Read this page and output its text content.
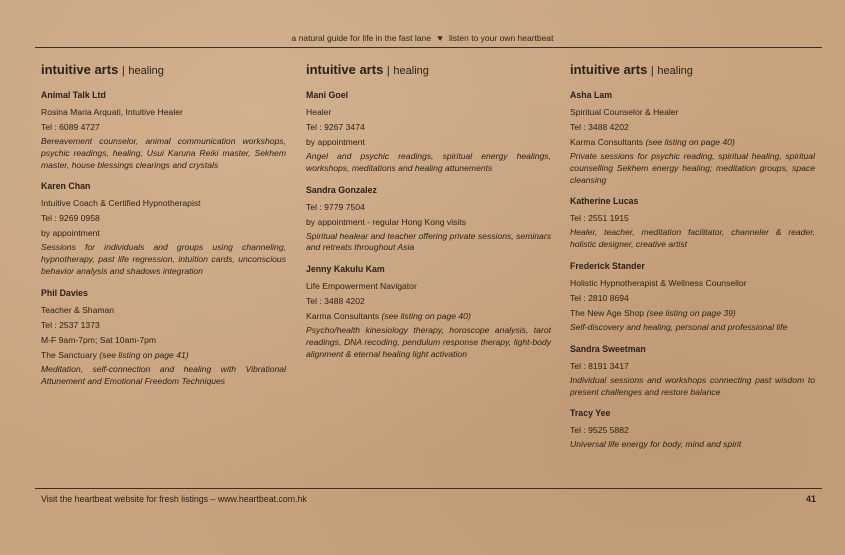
a natural guide for life in the fast lane ♥ listen to your own heartbeat
intuitive arts | healing
Animal Talk Ltd
Rosina Maria Arquati, Intuitive Healer
Tel : 6089 4727
Bereavement counselor, animal communication workshops, psychic readings, healing, Usui Karuna Reiki master, Sekhem master, house blessings clearings and crystals
Karen Chan
Intuitive Coach & Certified Hypnotherapist
Tel : 9269 0958
by appointment
Sessions for individuals and groups using channeling, hypnotherapy, past life regression, intuition cards, unconscious behavior analysis and shadows integration
Phil Davies
Teacher & Shaman
Tel : 2537 1373
M-F 9am-7pm; Sat 10am-7pm
The Sanctuary (see listing on page 41)
Meditation, self-connection and healing with Vibrational Attunement and Emotional Freedom Techniques
intuitive arts | healing
Mani Goel
Healer
Tel : 9267 3474
by appointment
Angel and psychic readings, spiritual energy healings, workshops, meditations and healing attunements
Sandra Gonzalez
Tel : 9779 7504
by appointment - regular Hong Kong visits
Spiritual healear and teacher offering private sessions, seminars and retreats throughout Asia
Jenny Kakulu Kam
Life Empowerment Navigator
Tel : 3488 4202
Karma Consultants (see listing on page 40)
Psycho/health kinesiology therapy, horoscope analysis, tarot readings, DNA recoding, pendulum response therapy, light-body alignment & eternal healing light activation
intuitive arts | healing
Asha Lam
Spiritual Counselor & Healer
Tel : 3488 4202
Karma Consultants (see listing on page 40)
Private sessions for psychic reading, spiritual healing, spiritual counselling Sekhem energy healing; meditation groups, space cleansing
Katherine Lucas
Tel : 2551 1915
Healer, teacher, meditation facilitator, channeler & reader, holistic designer, creative artist
Frederick Stander
Holistic Hypnotherapist & Wellness Counsellor
Tel : 2810 8694
The New Age Shop (see listing on page 39)
Self-discovery and healing, personal and professional life
Sandra Sweetman
Tel : 8191 3417
Individual sessions and workshops connecting past wisdom to present challenges and restore balance
Tracy Yee
Tel : 9525 5882
Universal life energy for body, mind and spirit
Visit the heartbeat website for fresh listings – www.heartbeat.com.hk	41
